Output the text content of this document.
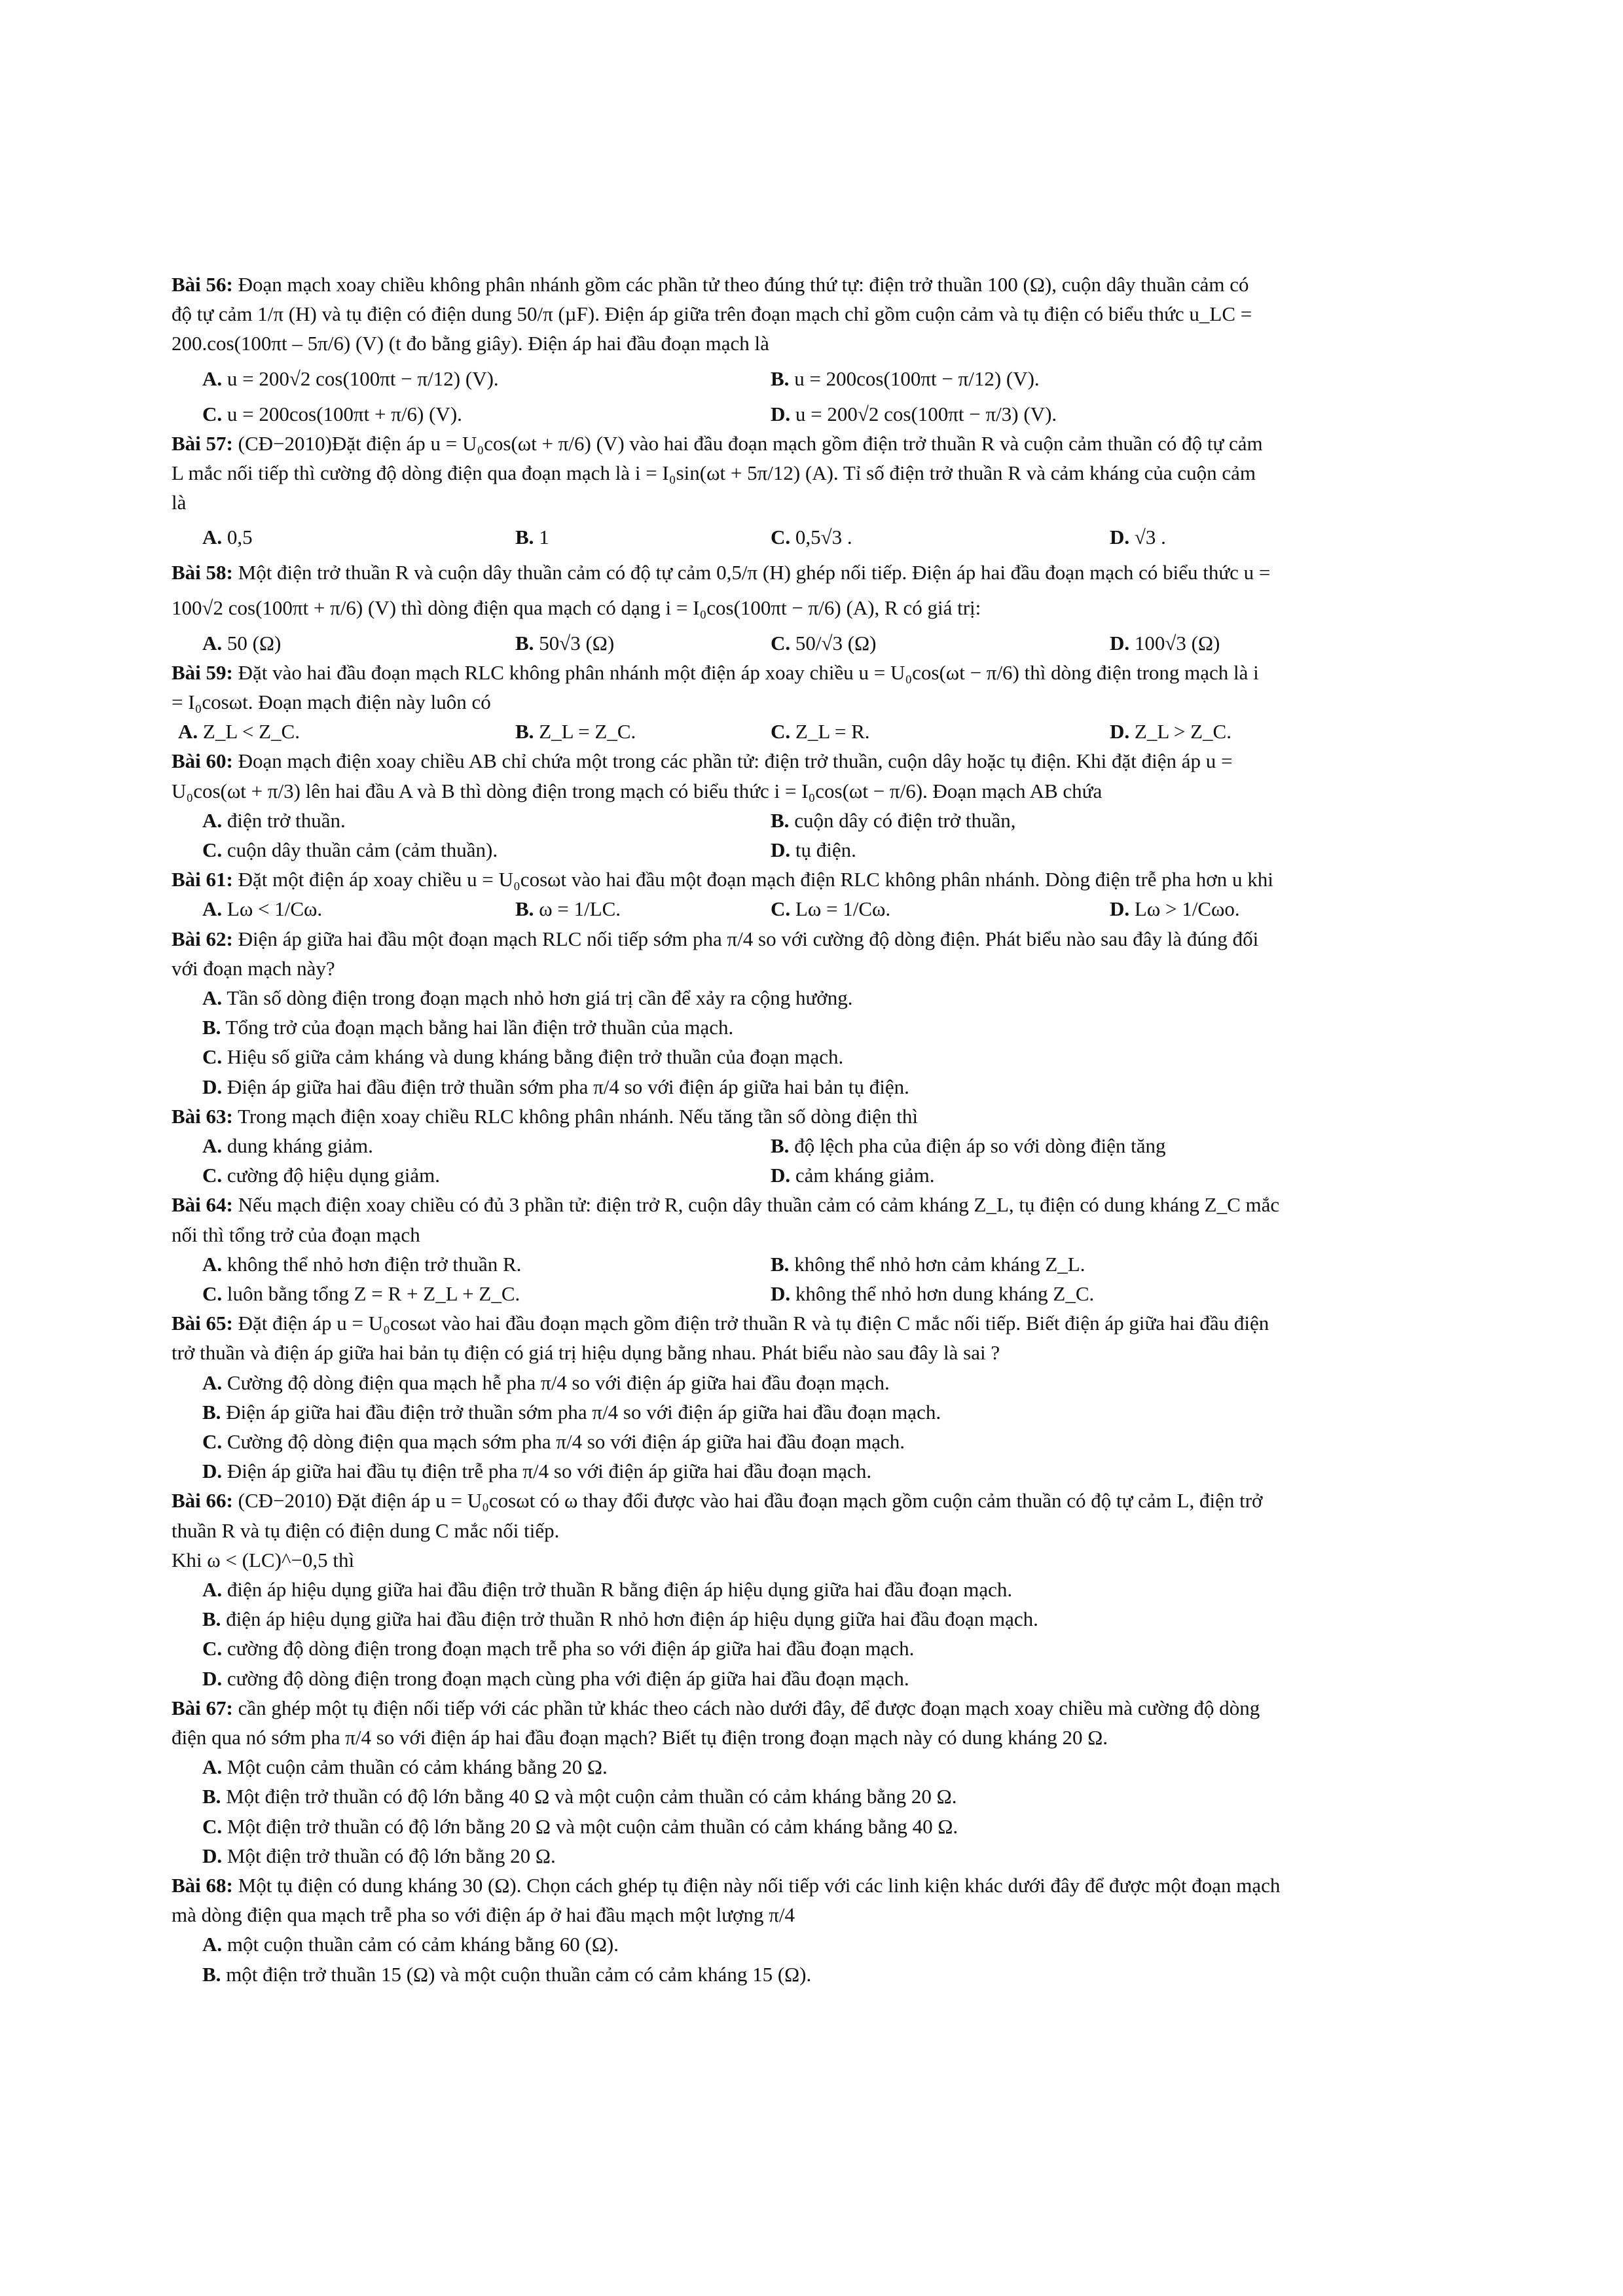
Bài 56: Đoạn mạch xoay chiều không phân nhánh gồm các phần tử theo đúng thứ tự: điện trở thuần 100 (Ω), cuộn dây thuần cảm có

độ tự cảm 1/π (H) và tụ điện có điện dung 50/π (µF). Điện áp giữa trên đoạn mạch chỉ gồm cuộn cảm và tụ điện có biểu thức u_LC =

200.cos(100πt – 5π/6) (V) (t đo bằng giây). Điện áp hai đầu đoạn mạch là

A. u = 200√2 cos(100πt − π/12) (V).	B. u = 200cos(100πt − π/12) (V).
C. u = 200cos(100πt + π/6) (V).	D. u = 200√2 cos(100πt − π/3) (V).

Bài 57: (CĐ−2010)Đặt điện áp u = U₀cos(ωt + π/6) (V) vào hai đầu đoạn mạch gồm điện trở thuần R và cuộn cảm thuần có độ tự cảm

L mắc nối tiếp thì cường độ dòng điện qua đoạn mạch là i = I₀sin(ωt + 5π/12) (A). Tỉ số điện trở thuần R và cảm kháng của cuộn cảm

là

A. 0,5	B. 1	C. 0,5√3 .	D. √3 .

Bài 58: Một điện trở thuần R và cuộn dây thuần cảm có độ tự cảm 0,5/π (H) ghép nối tiếp. Điện áp hai đầu đoạn mạch có biểu thức u =

100√2 cos(100πt + π/6) (V) thì dòng điện qua mạch có dạng i = I₀cos(100πt − π/6) (A), R có giá trị:

A. 50 (Ω)	B. 50√3 (Ω)	C. 50/√3 (Ω)	D. 100√3 (Ω)

Bài 59: Đặt vào hai đầu đoạn mạch RLC không phân nhánh một điện áp xoay chiều u = U₀cos(ωt − π/6) thì dòng điện trong mạch là i

= I₀cosωt. Đoạn mạch điện này luôn có

A. Z_L < Z_C.	B. Z_L = Z_C.	C. Z_L = R.	D. Z_L > Z_C.

Bài 60: Đoạn mạch điện xoay chiều AB chỉ chứa một trong các phần tử: điện trở thuần, cuộn dây hoặc tụ điện. Khi đặt điện áp u =

U₀cos(ωt + π/3) lên hai đầu A và B thì dòng điện trong mạch có biểu thức i = I₀cos(ωt − π/6). Đoạn mạch AB chứa

A. điện trở thuần.	B. cuộn dây có điện trở thuần,
C. cuộn dây thuần cảm (cảm thuần).	D. tụ điện.

Bài 61: Đặt một điện áp xoay chiều u = U₀cosωt vào hai đầu một đoạn mạch điện RLC không phân nhánh. Dòng điện trễ pha hơn u khi

A. Lω < 1/Cω.	B. ω = 1/LC.	C. Lω = 1/Cω.	D. Lω > 1/Cωo.

Bài 62: Điện áp giữa hai đầu một đoạn mạch RLC nối tiếp sớm pha π/4 so với cường độ dòng điện. Phát biểu nào sau đây là đúng đối

với đoạn mạch này?

A. Tần số dòng điện trong đoạn mạch nhỏ hơn giá trị cần để xảy ra cộng hưởng.
B. Tổng trở của đoạn mạch bằng hai lần điện trở thuần của mạch.
C. Hiệu số giữa cảm kháng và dung kháng bằng điện trở thuần của đoạn mạch.
D. Điện áp giữa hai đầu điện trở thuần sớm pha π/4 so với điện áp giữa hai bản tụ điện.

Bài 63: Trong mạch điện xoay chiều RLC không phân nhánh. Nếu tăng tần số dòng điện thì

A. dung kháng giảm.	B. độ lệch pha của điện áp so với dòng điện tăng
C. cường độ hiệu dụng giảm.	D. cảm kháng giảm.

Bài 64: Nếu mạch điện xoay chiều có đủ 3 phần tử: điện trở R, cuộn dây thuần cảm có cảm kháng Z_L, tụ điện có dung kháng Z_C mắc

nối thì tổng trở của đoạn mạch

A. không thể nhỏ hơn điện trở thuần R.	B. không thể nhỏ hơn cảm kháng Z_L.
C. luôn bằng tổng Z = R + Z_L + Z_C.	D. không thể nhỏ hơn dung kháng Z_C.

Bài 65: Đặt điện áp u = U₀cosωt vào hai đầu đoạn mạch gồm điện trở thuần R và tụ điện C mắc nối tiếp. Biết điện áp giữa hai đầu điện

trở thuần và điện áp giữa hai bản tụ điện có giá trị hiệu dụng bằng nhau. Phát biểu nào sau đây là sai ?

A. Cường độ dòng điện qua mạch hễ pha π/4 so với điện áp giữa hai đầu đoạn mạch.
B. Điện áp giữa hai đầu điện trở thuần sớm pha π/4 so với điện áp giữa hai đầu đoạn mạch.
C. Cường độ dòng điện qua mạch sớm pha π/4 so với điện áp giữa hai đầu đoạn mạch.
D. Điện áp giữa hai đầu tụ điện trễ pha π/4 so với điện áp giữa hai đầu đoạn mạch.

Bài 66: (CĐ−2010) Đặt điện áp u = U₀cosωt có ω thay đổi được vào hai đầu đoạn mạch gồm cuộn cảm thuần có độ tự cảm L, điện trở

thuần R và tụ điện có điện dung C mắc nối tiếp.

Khi ω < (LC)^−0,5 thì

A. điện áp hiệu dụng giữa hai đầu điện trở thuần R bằng điện áp hiệu dụng giữa hai đầu đoạn mạch.
B. điện áp hiệu dụng giữa hai đầu điện trở thuần R nhỏ hơn điện áp hiệu dụng giữa hai đầu đoạn mạch.
C. cường độ dòng điện trong đoạn mạch trễ pha so với điện áp giữa hai đầu đoạn mạch.
D. cường độ dòng điện trong đoạn mạch cùng pha với điện áp giữa hai đầu đoạn mạch.

Bài 67: cần ghép một tụ điện nối tiếp với các phần tử khác theo cách nào dưới đây, để được đoạn mạch xoay chiều mà cường độ dòng

điện qua nó sớm pha π/4 so với điện áp hai đầu đoạn mạch? Biết tụ điện trong đoạn mạch này có dung kháng 20 Ω.

A. Một cuộn cảm thuần có cảm kháng bằng 20 Ω.
B. Một điện trở thuần có độ lớn bằng 40 Ω và một cuộn cảm thuần có cảm kháng bằng 20 Ω.
C. Một điện trở thuần có độ lớn bằng 20 Ω và một cuộn cảm thuần có cảm kháng bằng 40 Ω.
D. Một điện trở thuần có độ lớn bằng 20 Ω.

Bài 68: Một tụ điện có dung kháng 30 (Ω). Chọn cách ghép tụ điện này nối tiếp với các linh kiện khác dưới đây để được một đoạn mạch

mà dòng điện qua mạch trễ pha so với điện áp ở hai đầu mạch một lượng π/4

A. một cuộn thuần cảm có cảm kháng bằng 60 (Ω).
B. một điện trở thuần 15 (Ω) và một cuộn thuần cảm có cảm kháng 15 (Ω).
